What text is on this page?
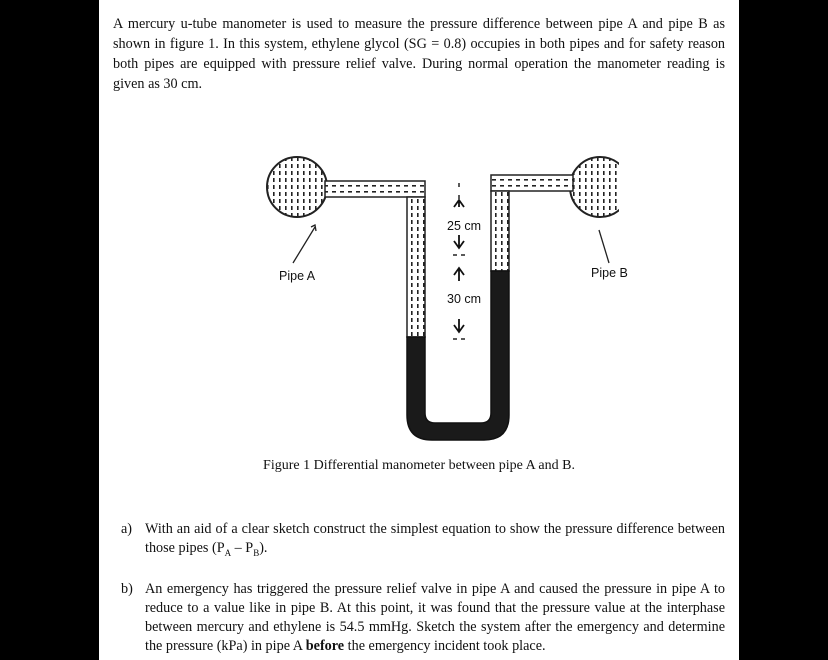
A mercury u-tube manometer is used to measure the pressure difference between pipe A and pipe B as shown in figure 1. In this system, ethylene glycol (SG = 0.8) occupies in both pipes and for safety reason both pipes are equipped with pressure relief valve. During normal operation the manometer reading is given as 30 cm.

25 cm
30 cm
Pipe A	Pipe B
Figure 1 Differential manometer between pipe A and B.
a) With an aid of a clear sketch construct the simplest equation to show the pressure difference between those pipes $(P_A - P_B)$.
b) An emergency has triggered the pressure relief valve in pipe A and caused the pressure in pipe A to reduce to a value like in pipe B. At this point, it was found that the pressure value at the interphase between mercury and ethylene is 54.5 mmHg. Sketch the system after the emergency and determine the pressure (kPa) in pipe A before the emergency incident took place.
